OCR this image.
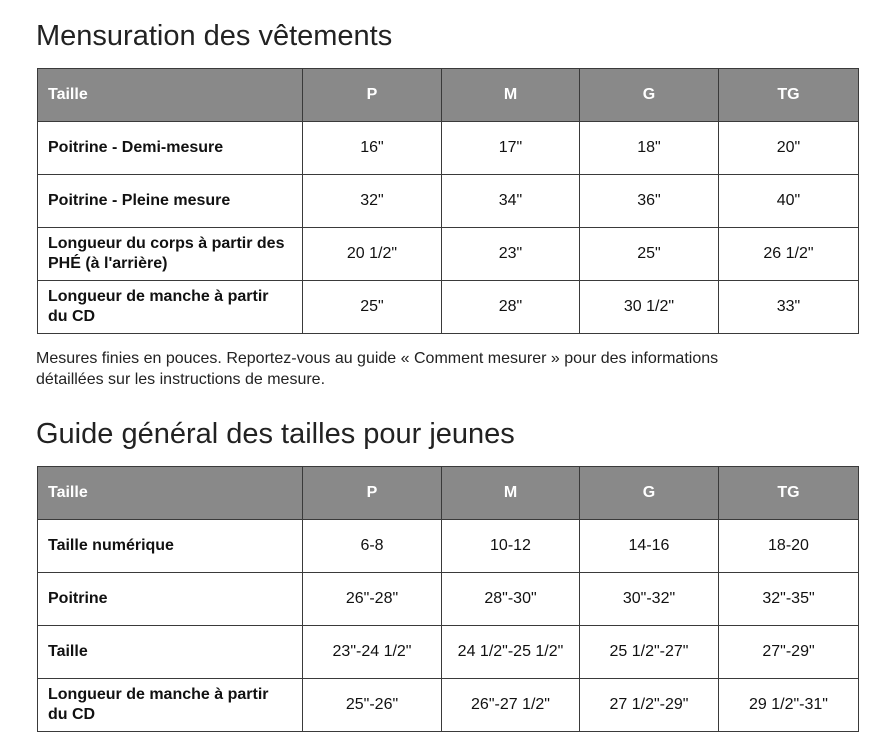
Mensuration des vêtements
Taille	P	M	G	TG
Poitrine - Demi-mesure	16"	17"	18"	20"
Poitrine - Pleine mesure	32"	34"	36"	40"
Longueur du corps à partir des PHÉ (à l'arrière)	20 1/2"	23"	25"	26 1/2"
Longueur de manche à partir du CD	25"	28"	30 1/2"	33"

Mesures finies en pouces. Reportez-vous au guide « Comment mesurer » pour des informations détaillées sur les instructions de mesure.

Guide général des tailles pour jeunes
Taille	P	M	G	TG
Taille numérique	6-8	10-12	14-16	18-20
Poitrine	26"-28"	28"-30"	30"-32"	32"-35"
Taille	23"-24 1/2"	24 1/2"-25 1/2"	25 1/2"-27"	27"-29"
Longueur de manche à partir du CD	25"-26"	26"-27 1/2"	27 1/2"-29"	29 1/2"-31"
